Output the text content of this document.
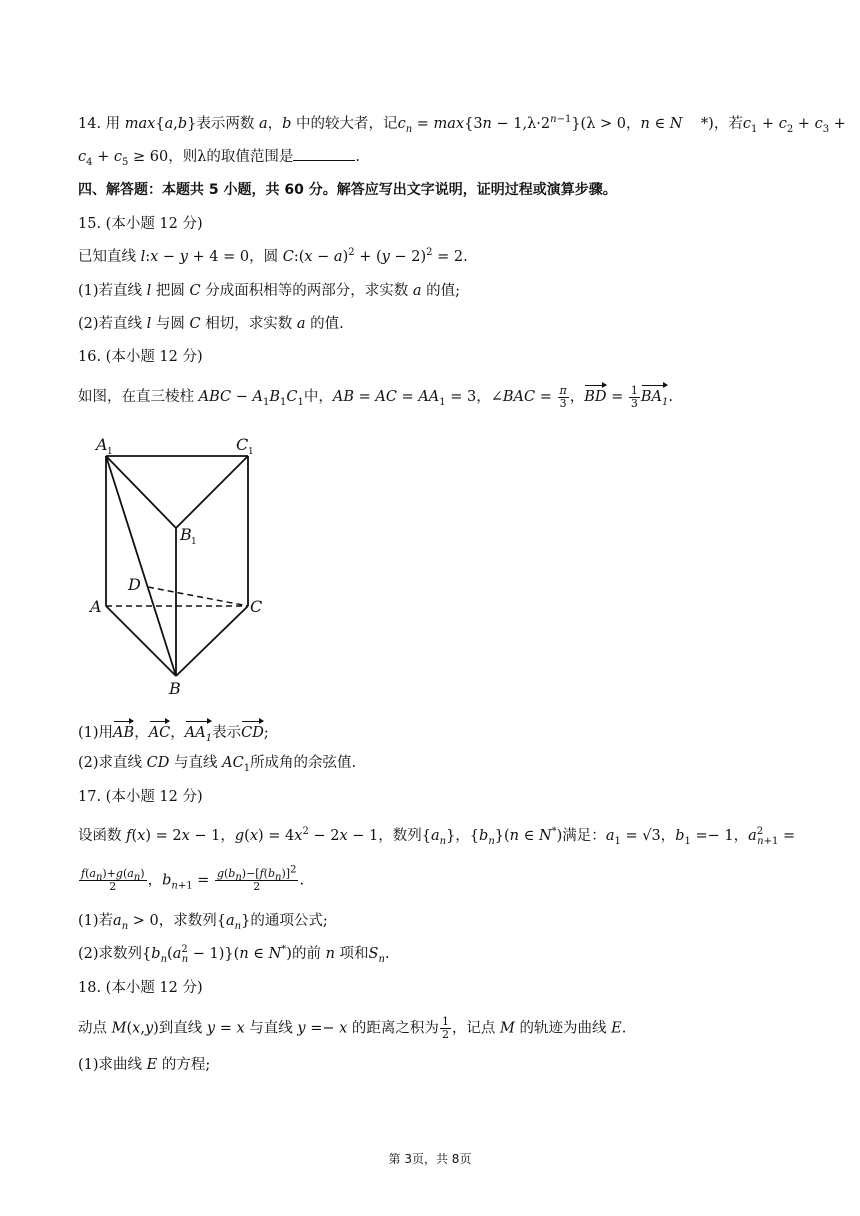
14. 用 max{a,b}表示两数 a，b 中的较大者，记$c_n = \max\{3n - 1,\lambda\cdot 2^{n-1}\}(\lambda > 0$，n ∈ N    *)，若$c_1 + c_2 + c_3$ +
$c_4 + c_5 \ge 60$，则λ的取值范围是	.
四、解答题：本题共 5 小题，共 60 分。解答应写出文字说明，证明过程或演算步骤。
15. (本小题 12 分)
已知直线 l:x − y + 4 = 0，圆 C:(x − $a)^2 + (y - 2)^2 = 2$.
(1)若直线 l 把圆 C 分成面积相等的两部分，求实数 a 的值;
(2)若直线 l 与圆 C 相切，求实数 a 的值.
16. (本小题 12 分)
如图，在直三棱柱 ABC − $A_1B_1C_1$中，AB = AC = $AA_1 = 3$，∠BAC = $\frac{\pi}{3}$ ，BD = $\frac{1}{3} BA_1$.
A 1	C 1
B 1
D
A	C
B
(1)用AB，AC，$AA_1$表示CD;
(2)求直线 CD 与直线 $AC_1$所成角的余弦值.
17. (本小题 12 分)
设函数 f(x) = 2x − 1，$g(x) = 4x^2 - 2x - 1$，数列$\{a_n\}$，$\{b_n\}(n$ ∈ N*)满足：$a_1 = √3$，$b_1 =- 1$，$a^2_{n+1}$ =
$\frac{f(a_n)+g(a_n)}{2}$ ，$b_{n+1} = \frac{g(b_n)-[f(b_n)]^2}{2}$ .
(1)若$a_n > 0$，求数列$\{a_n\}$的通项公式;
(2)求数列$\{b_n(a^2_n - 1)\}(n$ ∈ N*)的前 n 项和$S_n$.
18. (本小题 12 分)
动点 M(x,y)到直线 y = x 与直线 y =− x 的距离之积为 $\frac{1}{2}$ ，记点 M 的轨迹为曲线 E.
(1)求曲线 E 的方程;
第 3页，共 8页
